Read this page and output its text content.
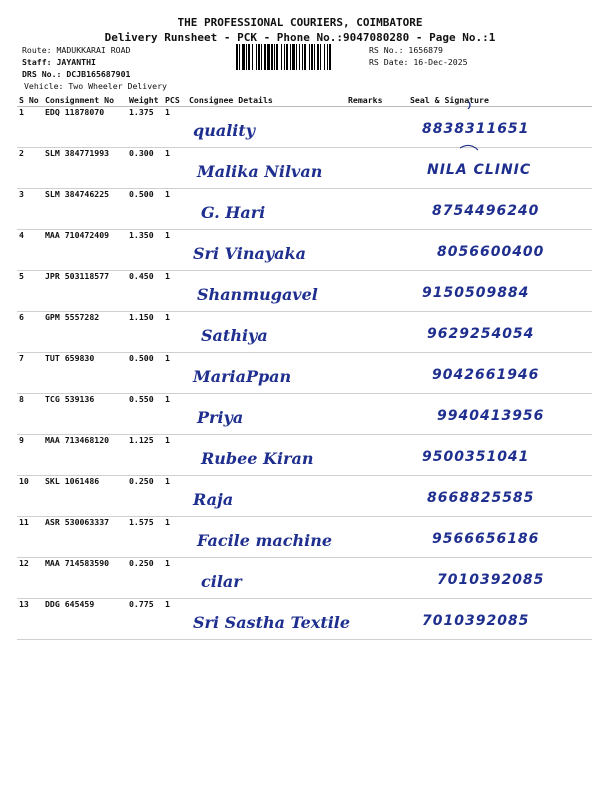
THE PROFESSIONAL COURIERS, COIMBATORE
Delivery Runsheet - PCK - Phone No.:9047080280 - Page No.:1
Route: MADUKKARAI ROAD
Staff: JAYANTHI
DRS No.: DCJB165687901
Vehicle: Two Wheeler Delivery
RS No.: 1656879
RS Date: 16-Dec-2025
S No	Consignment No	Weight	PCS	Consignee Details	Remarks	Seal & Signature
1	EDQ 11878070	1.375	1	quality		8838311651

2	SLM 384771993	0.300	1	Malika Nilvan		NILA CLINIC

3	SLM 384746225	0.500	1	G. Hari		8754496240

4	MAA 710472409	1.350	1	Sri Vinayaka		8056600400

5	JPR 503118577	0.450	1	Shanmugavel		9150509884

6	GPM 5557282	1.150	1	Sathiya		9629254054

7	TUT 659830	0.500	1	MariaPpan		9042661946

8	TCG 539136	0.550	1	Priya		9940413956

9	MAA 713468120	1.125	1	Rubee Kiran		9500351041

10	SKL 1061486	0.250	1	Raja		8668825585

11	ASR 530063337	1.575	1	Facile machine		9566656186

12	MAA 714583590	0.250	1	cilar		7010392085

13	DDG 645459	0.775	1	Sri Sastha Textile		7010392085
